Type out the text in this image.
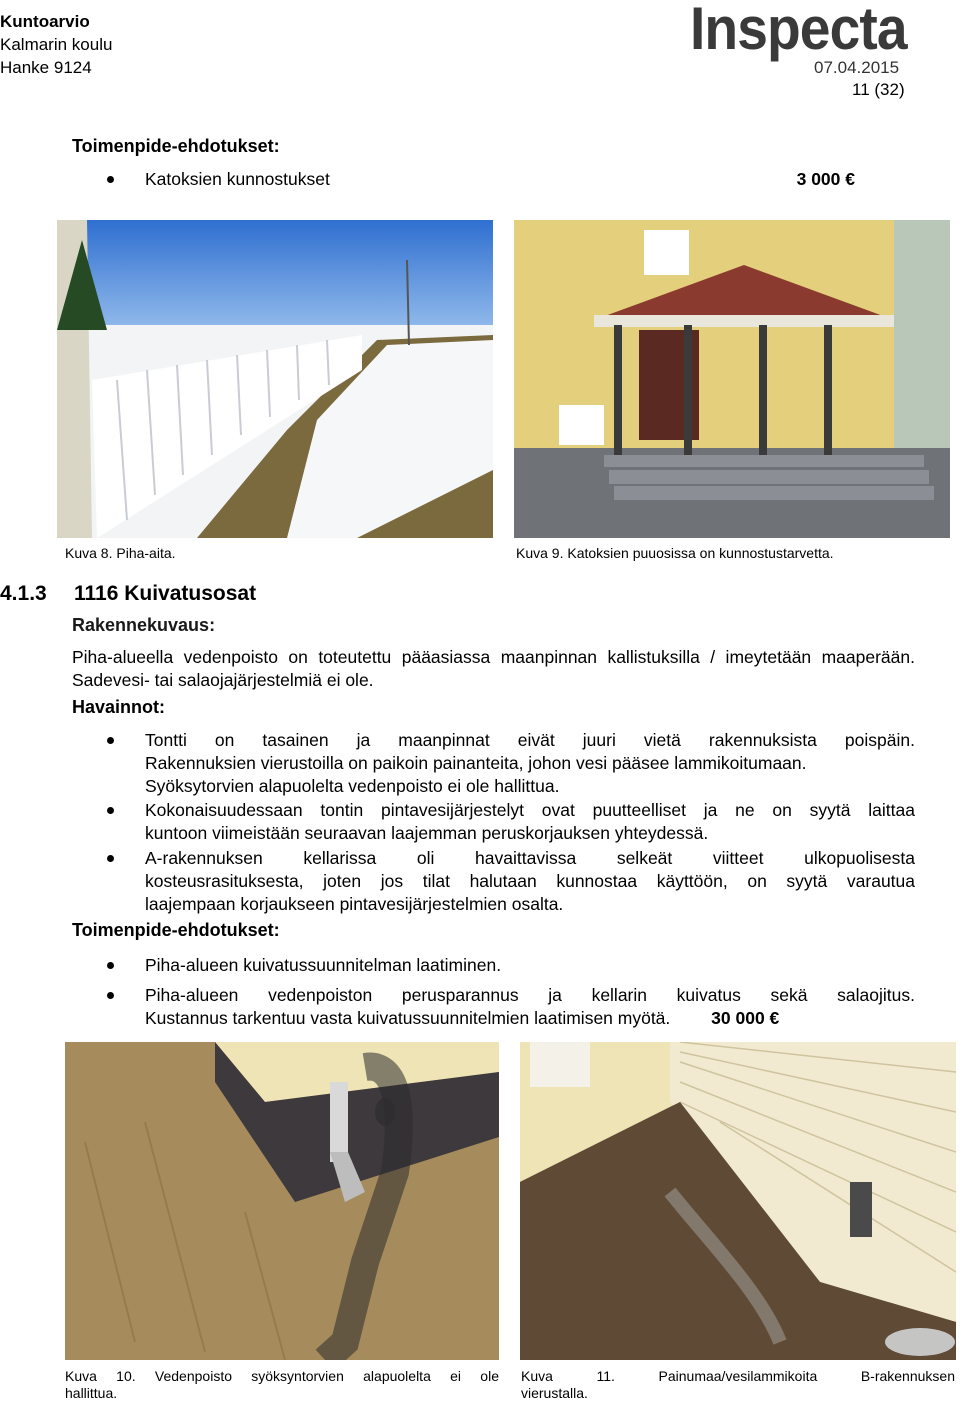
Kuntoarvio
Kalmarin koulu
Hanke 9124
Inspecta
07.04.2015
11 (32)
Toimenpide-ehdotukset:
Katoksien kunnostukset	3 000 €
Kuva 8. Piha-aita.	Kuva 9. Katoksien puuosissa on kunnostustarvetta.
4.1.3 1116 Kuivatusosat
Rakennekuvaus:
Piha-alueella vedenpoisto on toteutettu pääasiassa maanpinnan kallistuksilla / imeytetään maaperään. Sadevesi- tai salaojajärjestelmiä ei ole.
Havainnot:
Tontti on tasainen ja maanpinnat eivät juuri vietä rakennuksista poispäin.
Rakennuksien vierustoilla on paikoin painanteita, johon vesi pääsee lammikoitumaan.
Syöksytorvien alapuolelta vedenpoisto ei ole hallittua.
Kokonaisuudessaan tontin pintavesijärjestelyt ovat puutteelliset ja ne on syytä laittaa
kuntoon viimeistään seuraavan laajemman peruskorjauksen yhteydessä.
A-rakennuksen kellarissa oli havaittavissa selkeät viitteet ulkopuolisesta
kosteusrasituksesta, joten jos tilat halutaan kunnostaa käyttöön, on syytä varautua
laajempaan korjaukseen pintavesijärjestelmien osalta.
Toimenpide-ehdotukset:
Piha-alueen kuivatussuunnitelman laatiminen.
Piha-alueen vedenpoiston perusparannus ja kellarin kuivatus sekä salaojitus.
Kustannus tarkentuu vasta kuivatussuunnitelmien laatimisen myötä. 30 000 €
Kuva 10. Vedenpoisto syöksyntorvien alapuolelta ei ole
hallittua.
Kuva 11. Painumaa/vesilammikoita B-rakennuksen
vierustalla.
